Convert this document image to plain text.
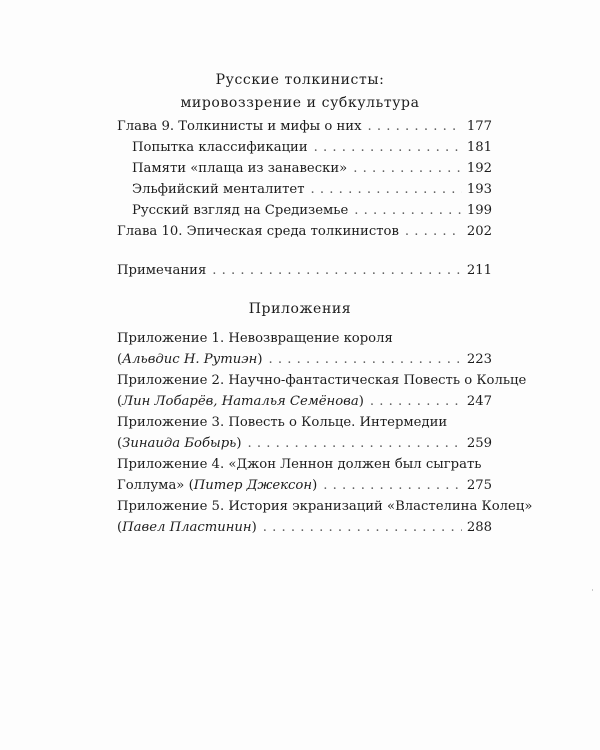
Русские толкинисты:
мировоззрение и субкультура
Глава 9. Толкинисты и мифы о них . . .	177
Попытка классификации . . .	181
Памяти «плаща из занавески» . . .	192
Эльфийский менталитет . . .	193
Русский взгляд на Средиземье . . .	199
Глава 10. Эпическая среда толкинистов . . .	202
Примечания . . .	211
Приложения
Приложение 1. Невозвращение короля
(Альвдис Н. Рутиэн) . . .	223
Приложение 2. Научно-фантастическая Повесть о Кольце
(Лин Лобарёв, Наталья Семёнова) . . .	247
Приложение 3. Повесть о Кольце. Интермедии
(Зинаида Бобырь) . . .	259
Приложение 4. «Джон Леннон должен был сыграть
Голлума» (Питер Джексон) . . .	275
Приложение 5. История экранизаций «Властелина Колец»
(Павел Пластинин) . . .	288
